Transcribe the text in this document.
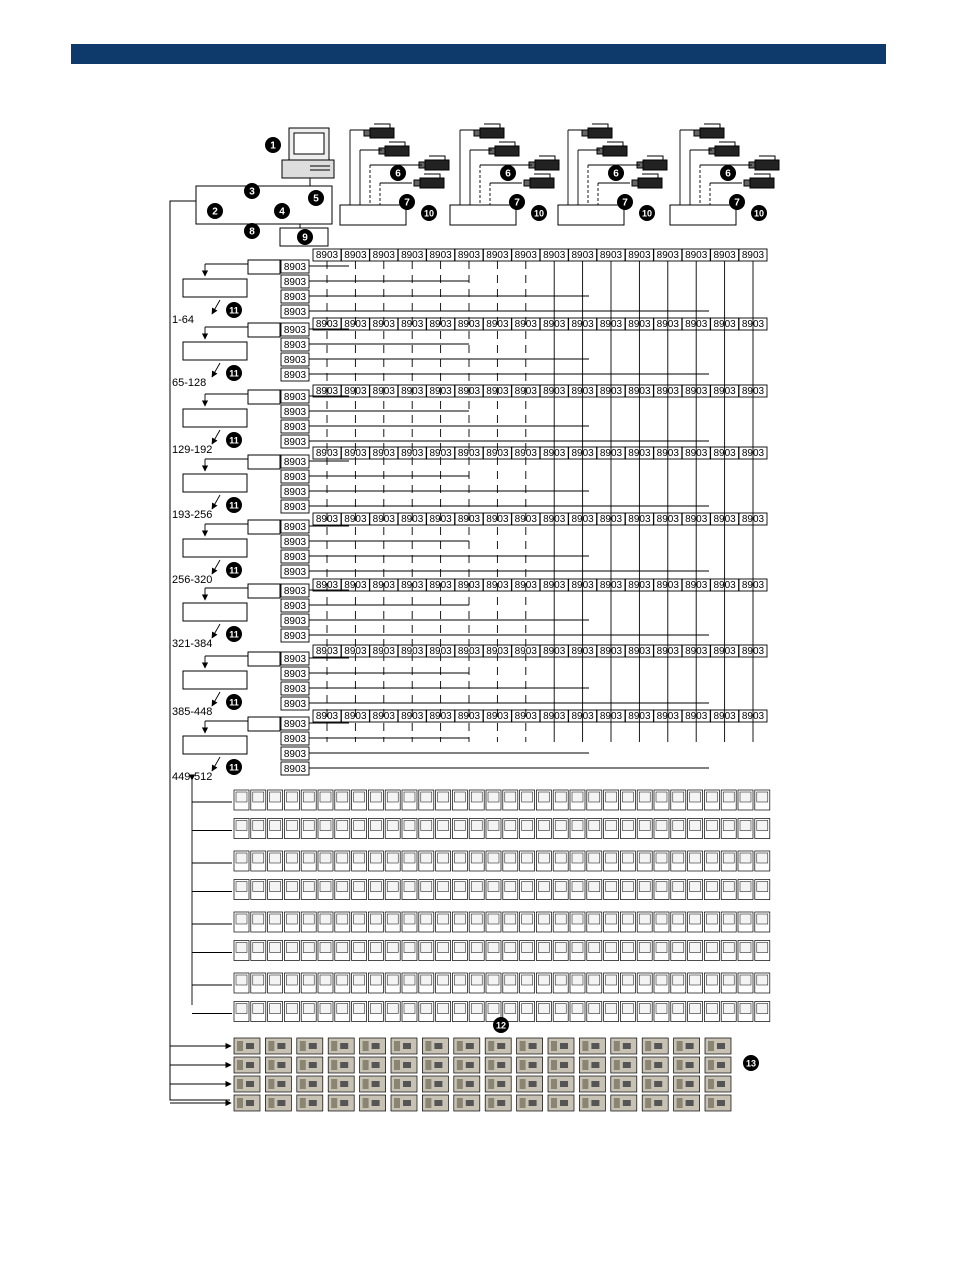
6
7
10
6
7
10
6
7
10
6
7
10
1
2
3
4
5
8
9
8903 8903 8903 8903 8903 8903 8903 8903 8903 8903 8903 8903 8903 8903 8903 8903
8903
8903
8903
8903
11
1-64	8903 8903 8903 8903 8903 8903 8903 8903 8903 8903 8903 8903 8903 8903 8903 8903
8903
8903
8903
8903
11
65-128
8903 8903 8903 8903 8903 8903 8903 8903 8903 8903 8903 8903 8903 8903 8903 8903
8903
8903
8903
8903
11
129-192	8903 8903 8903 8903 8903 8903 8903 8903 8903 8903 8903 8903 8903 8903 8903 8903
8903
8903
8903
8903
11
193-256	8903 8903 8903 8903 8903 8903 8903 8903 8903 8903 8903 8903 8903 8903 8903 8903
8903
8903
8903
8903
11
256-320	8903 8903 8903 8903 8903 8903 8903 8903 8903 8903 8903 8903 8903 8903 8903 8903
8903
8903
8903
8903
11
321-384
8903 8903 8903 8903 8903 8903 8903 8903 8903 8903 8903 8903 8903 8903 8903 8903
8903
8903
8903
8903
11
385-448	8903 8903 8903 8903 8903 8903 8903 8903 8903 8903 8903 8903 8903 8903 8903 8903
8903
8903
8903
8903
11
449-512
12
13
